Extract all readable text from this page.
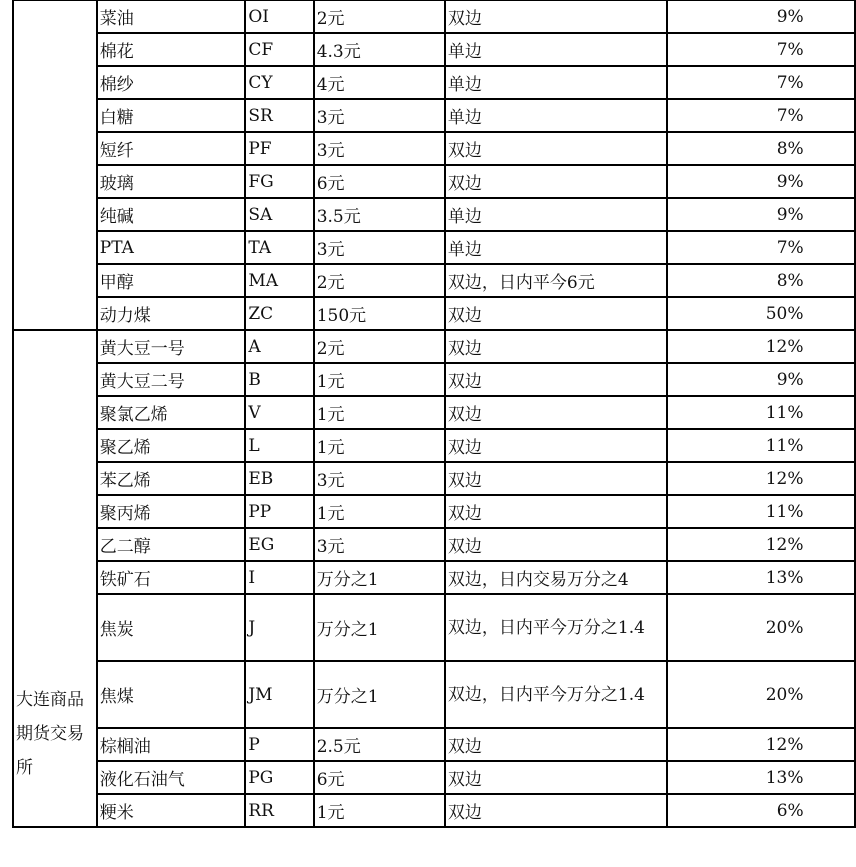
	菜油	OI	2元	双边	9%
	棉花	CF	4.3元	单边	7%
	棉纱	CY	4元	单边	7%
	白糖	SR	3元	单边	7%
	短纤	PF	3元	双边	8%
	玻璃	FG	6元	双边	9%
	纯碱	SA	3.5元	单边	9%
	PTA	TA	3元	单边	7%
	甲醇	MA	2元	双边，日内平今6元	8%
	动力煤	ZC	150元	双边	50%
大连商品期货交易所	黄大豆一号	A	2元	双边	12%
	黄大豆二号	B	1元	双边	9%
	聚氯乙烯	V	1元	双边	11%
	聚乙烯	L	1元	双边	11%
	苯乙烯	EB	3元	双边	12%
	聚丙烯	PP	1元	双边	11%
	乙二醇	EG	3元	双边	12%
	铁矿石	I	万分之1	双边，日内交易万分之4	13%
	焦炭	J	万分之1	双边，日内平今万分之1.4	20%
	焦煤	JM	万分之1	双边，日内平今万分之1.4	20%
	棕榈油	P	2.5元	双边	12%
	液化石油气	PG	6元	双边	13%
	粳米	RR	1元	双边	6%
